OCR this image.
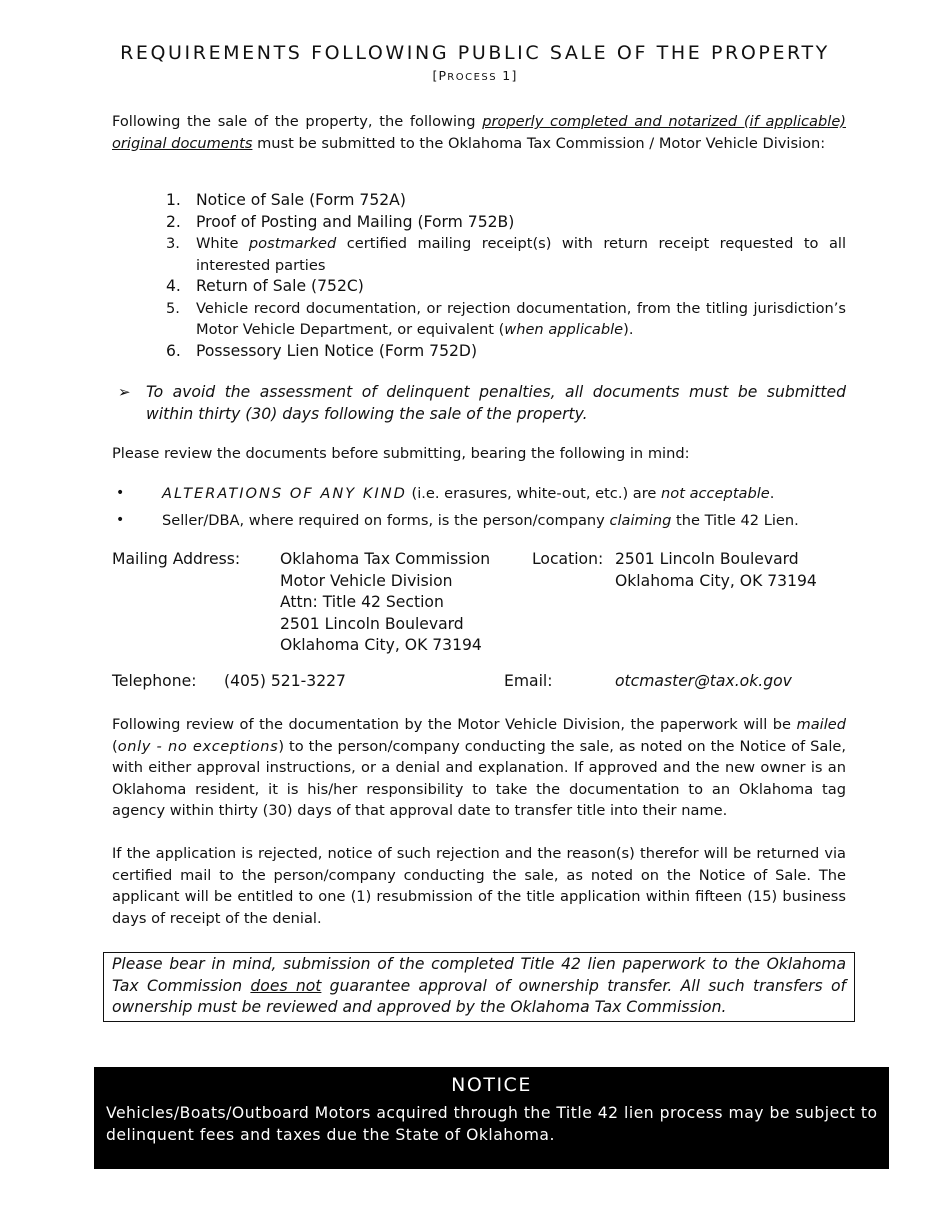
REQUIREMENTS FOLLOWING PUBLIC SALE OF THE PROPERTY
[PROCESS 1]
Following the sale of the property, the following properly completed and notarized (if applicable) original documents must be submitted to the Oklahoma Tax Commission / Motor Vehicle Division:
1. Notice of Sale (Form 752A)
2. Proof of Posting and Mailing (Form 752B)
3. White postmarked certified mailing receipt(s) with return receipt requested to all interested parties
4. Return of Sale (752C)
5. Vehicle record documentation, or rejection documentation, from the titling jurisdiction’s Motor Vehicle Department, or equivalent (when applicable).
6. Possessory Lien Notice (Form 752D)
➢ To avoid the assessment of delinquent penalties, all documents must be submitted within thirty (30) days following the sale of the property.
Please review the documents before submitting, bearing the following in mind:
•	ALTERATIONS OF ANY KIND (i.e. erasures, white-out, etc.) are not acceptable.
•	Seller/DBA, where required on forms, is the person/company claiming the Title 42 Lien.
Mailing Address:	Oklahoma Tax Commission
Motor Vehicle Division
Attn: Title 42 Section
2501 Lincoln Boulevard
Oklahoma City, OK 73194
Location: 2501 Lincoln Boulevard
Oklahoma City, OK 73194
Telephone: (405) 521-3227	Email:	otcmaster@tax.ok.gov
Following review of the documentation by the Motor Vehicle Division, the paperwork will be mailed (only - no exceptions) to the person/company conducting the sale, as noted on the Notice of Sale, with either approval instructions, or a denial and explanation. If approved and the new owner is an Oklahoma resident, it is his/her responsibility to take the documentation to an Oklahoma tag agency within thirty (30) days of that approval date to transfer title into their name.
If the application is rejected, notice of such rejection and the reason(s) therefor will be returned via certified mail to the person/company conducting the sale, as noted on the Notice of Sale. The applicant will be entitled to one (1) resubmission of the title application within fifteen (15) business days of receipt of the denial.
Please bear in mind, submission of the completed Title 42 lien paperwork to the Oklahoma Tax Commission does not guarantee approval of ownership transfer. All such transfers of ownership must be reviewed and approved by the Oklahoma Tax Commission.
NOTICE
Vehicles/Boats/Outboard Motors acquired through the Title 42 lien process may be subject to delinquent fees and taxes due the State of Oklahoma.
